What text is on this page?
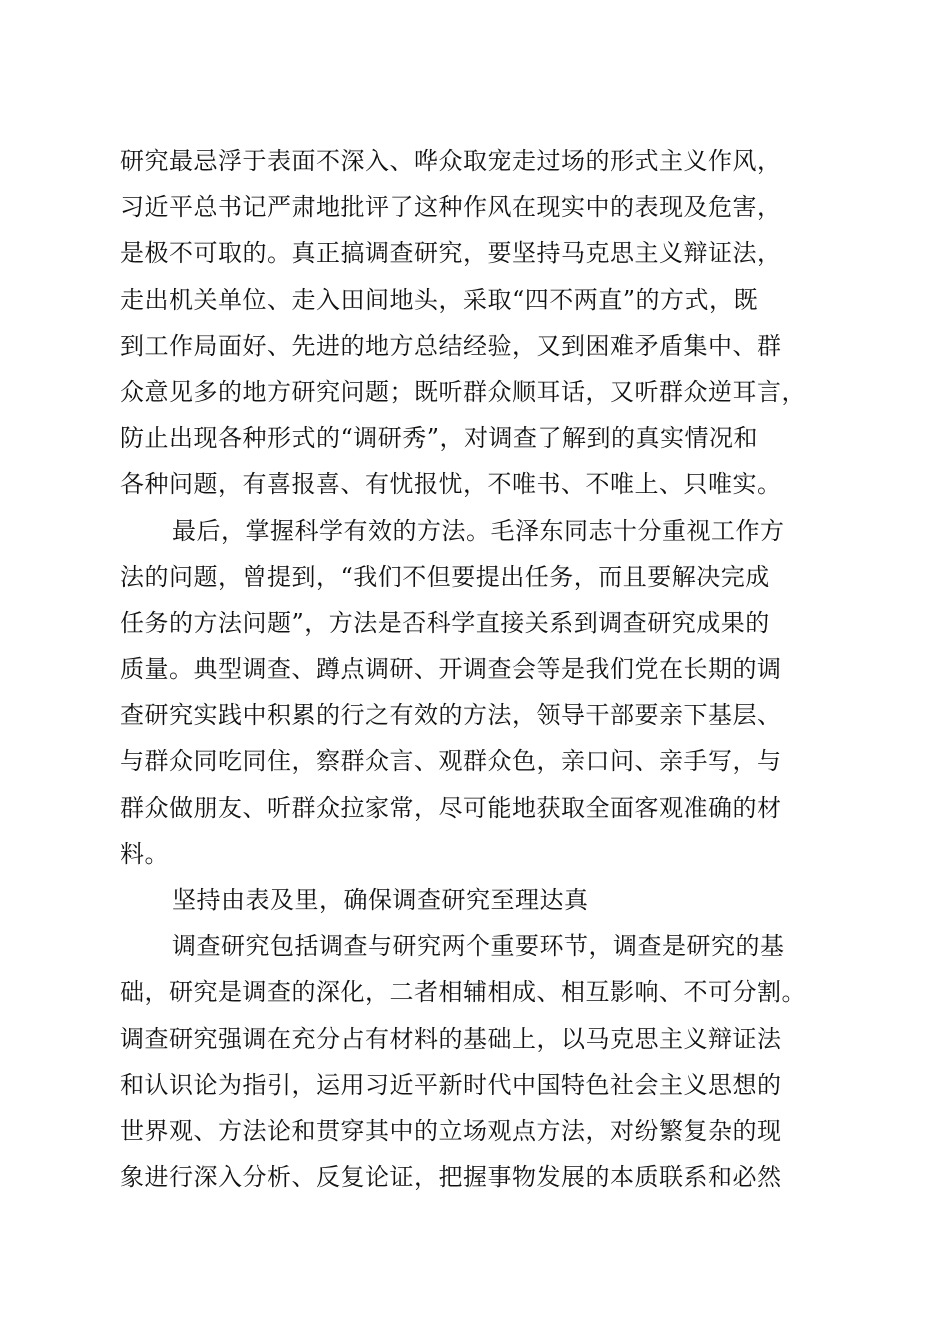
研究最忌浮于表面不深入、哗众取宠走过场的形式主义作风，
习近平总书记严肃地批评了这种作风在现实中的表现及危害，
是极不可取的。真正搞调查研究，要坚持马克思主义辩证法，
走出机关单位、走入田间地头，采取“四不两直”的方式，既
到工作局面好、先进的地方总结经验，又到困难矛盾集中、群
众意见多的地方研究问题；既听群众顺耳话，又听群众逆耳言，
防止出现各种形式的“调研秀”，对调查了解到的真实情况和
各种问题，有喜报喜、有忧报忧，不唯书、不唯上、只唯实。
最后，掌握科学有效的方法。毛泽东同志十分重视工作方
法的问题，曾提到，“我们不但要提出任务，而且要解决完成
任务的方法问题”，方法是否科学直接关系到调查研究成果的
质量。典型调查、蹲点调研、开调查会等是我们党在长期的调
查研究实践中积累的行之有效的方法，领导干部要亲下基层、
与群众同吃同住，察群众言、观群众色，亲口问、亲手写，与
群众做朋友、听群众拉家常，尽可能地获取全面客观准确的材
料。
坚持由表及里，确保调查研究至理达真
调查研究包括调查与研究两个重要环节，调查是研究的基
础，研究是调查的深化，二者相辅相成、相互影响、不可分割。
调查研究强调在充分占有材料的基础上，以马克思主义辩证法
和认识论为指引，运用习近平新时代中国特色社会主义思想的
世界观、方法论和贯穿其中的立场观点方法，对纷繁复杂的现
象进行深入分析、反复论证，把握事物发展的本质联系和必然
